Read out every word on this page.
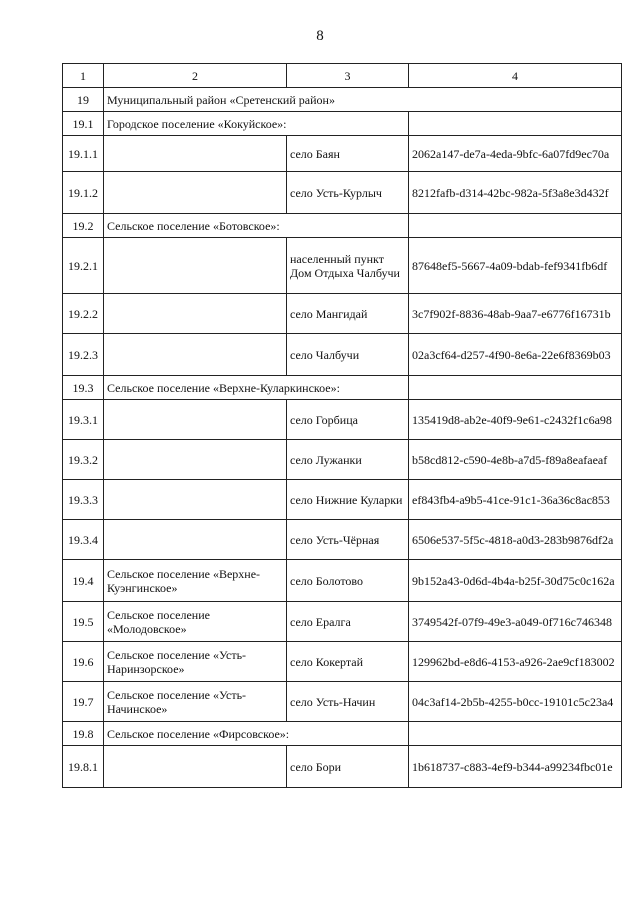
8
1	2	3	4
19	Муниципальный район «Сретенский район»		
19.1	Городское поселение «Кокуйское»:		
19.1.1		село Баян	2062a147-de7a-4eda-9bfc-6a07fd9ec70a
19.1.2		село Усть-Курлыч	8212fafb-d314-42bc-982a-5f3a8e3d432f
19.2	Сельское поселение «Ботовское»:		
19.2.1		населенный пункт Дом Отдыха Чалбучи	87648ef5-5667-4a09-bdab-fef9341fb6df
19.2.2		село Мангидай	3c7f902f-8836-48ab-9aa7-e6776f16731b
19.2.3		село Чалбучи	02a3cf64-d257-4f90-8e6a-22e6f8369b03
19.3	Сельское поселение «Верхне-Куларкинское»:		
19.3.1		село Горбица	135419d8-ab2e-40f9-9e61-c2432f1c6a98
19.3.2		село Лужанки	b58cd812-c590-4e8b-a7d5-f89a8eafaeaf
19.3.3		село Нижние Куларки	ef843fb4-a9b5-41ce-91c1-36a36c8ac853
19.3.4		село Усть-Чёрная	6506e537-5f5c-4818-a0d3-283b9876df2a
19.4	Сельское поселение «Верхне-Куэнгинское»	село Болотово	9b152a43-0d6d-4b4a-b25f-30d75c0c162a
19.5	Сельское поселение «Молодовское»	село Ералга	3749542f-07f9-49e3-a049-0f716c746348
19.6	Сельское поселение «Усть-Наринзорское»	село Кокертай	129962bd-e8d6-4153-a926-2ae9cf183002
19.7	Сельское поселение «Усть-Начинское»	село Усть-Начин	04c3af14-2b5b-4255-b0cc-19101c5c23a4
19.8	Сельское поселение «Фирсовское»:		
19.8.1		село Бори	1b618737-c883-4ef9-b344-a99234fbc01e
